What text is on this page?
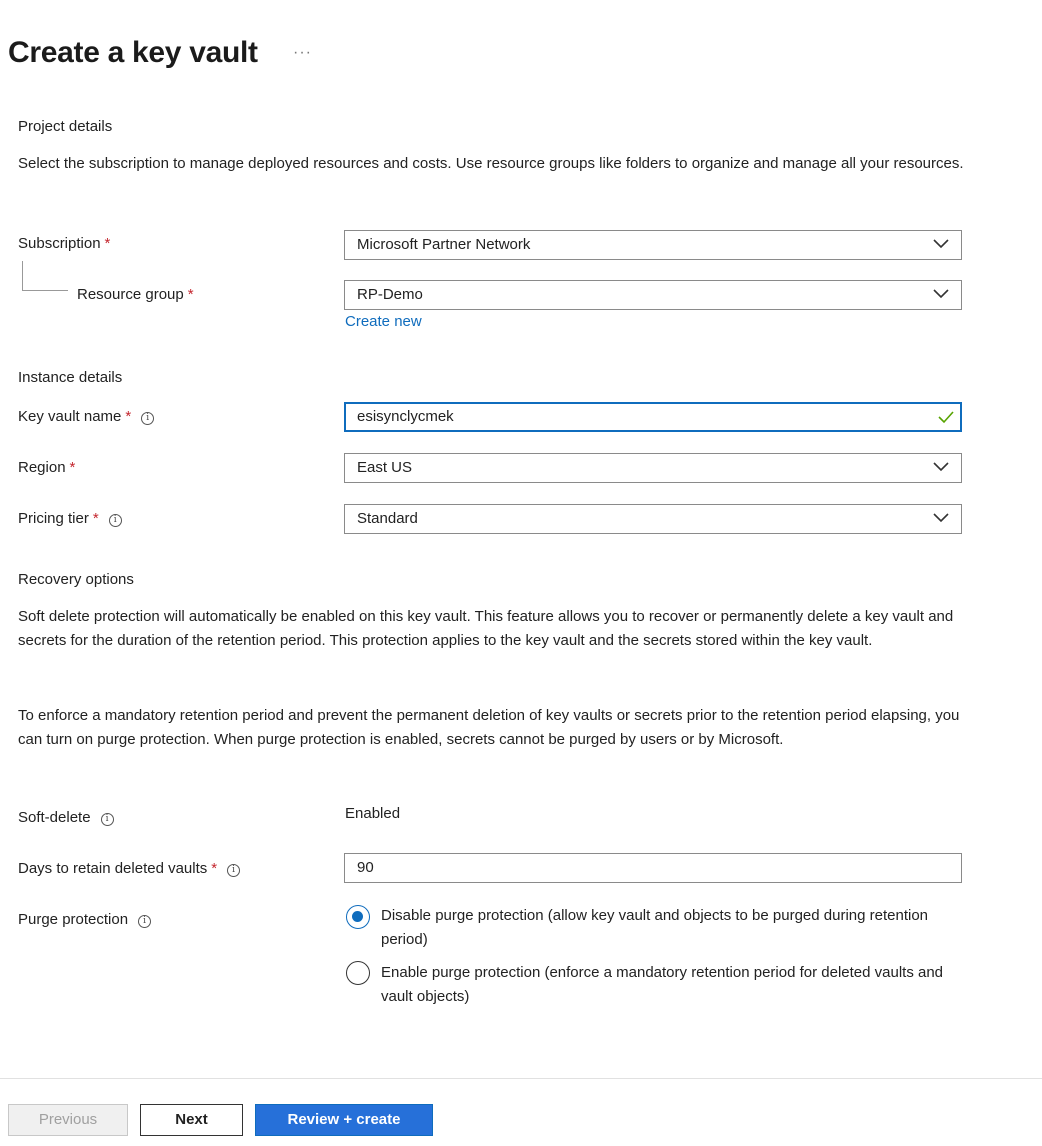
Create a key vault ···
Project details
Select the subscription to manage deployed resources and costs. Use resource groups like folders to organize and manage all your resources.
Subscription *	Microsoft Partner Network
Resource group *	RP-Demo
Create new
Instance details
Key vault name * i	esisynclycmek
Region *	East US
Pricing tier * i	Standard
Recovery options
Soft delete protection will automatically be enabled on this key vault. This feature allows you to recover or permanently delete a key vault and secrets for the duration of the retention period. This protection applies to the key vault and the secrets stored within the key vault.
To enforce a mandatory retention period and prevent the permanent deletion of key vaults or secrets prior to the retention period elapsing, you can turn on purge protection. When purge protection is enabled, secrets cannot be purged by users or by Microsoft.
Soft-delete i	Enabled
Days to retain deleted vaults * i	90
Purge protection i	Disable purge protection (allow key vault and objects to be purged during retention period)
Enable purge protection (enforce a mandatory retention period for deleted vaults and vault objects)
Previous	Next	Review + create
